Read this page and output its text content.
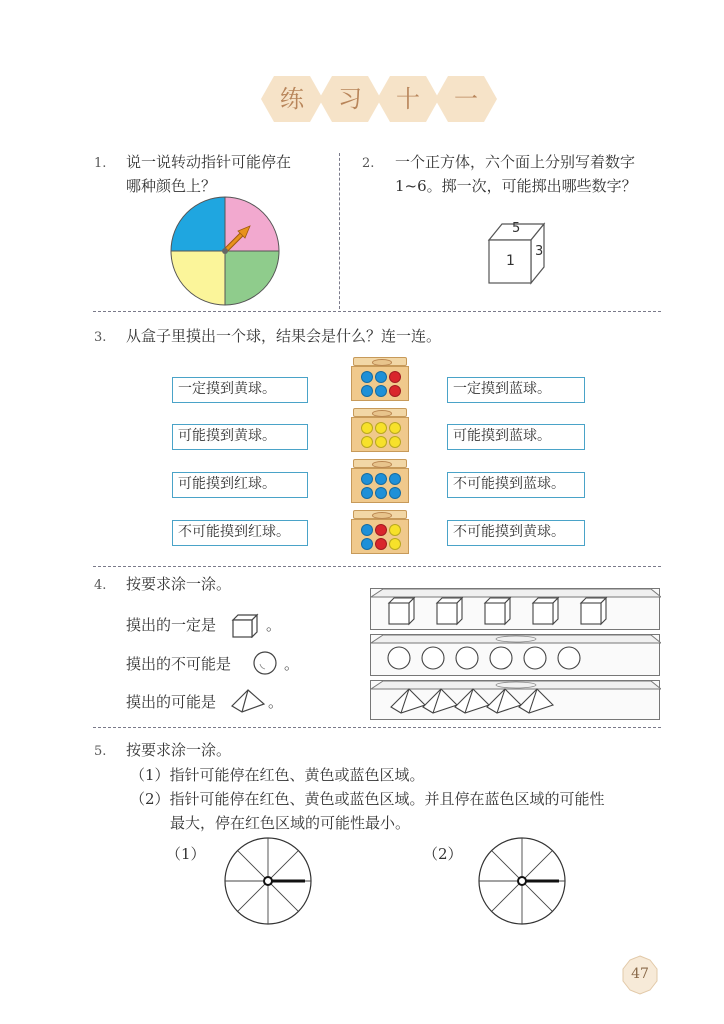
练	习	十	一
1. 说一说转动指针可能停在
哪种颜色上？
2. 一个正方体，六个面上分别写着数字
1~6。掷一次，可能掷出哪些数字？
5
3
1
3. 从盒子里摸出一个球，结果会是什么？连一连。
一定摸到黄球。
可能摸到黄球。
可能摸到红球。
不可能摸到红球。
一定摸到蓝球。
可能摸到蓝球。
不可能摸到蓝球。
不可能摸到黄球。
4. 按要求涂一涂。
摸出的一定是	。
摸出的不可能是	。
摸出的可能是	。
5. 按要求涂一涂。
（1）指针可能停在红色、黄色或蓝色区域。
（2）指针可能停在红色、黄色或蓝色区域。并且停在蓝色区域的可能性
最大，停在红色区域的可能性最小。
（1）	（2）
47
